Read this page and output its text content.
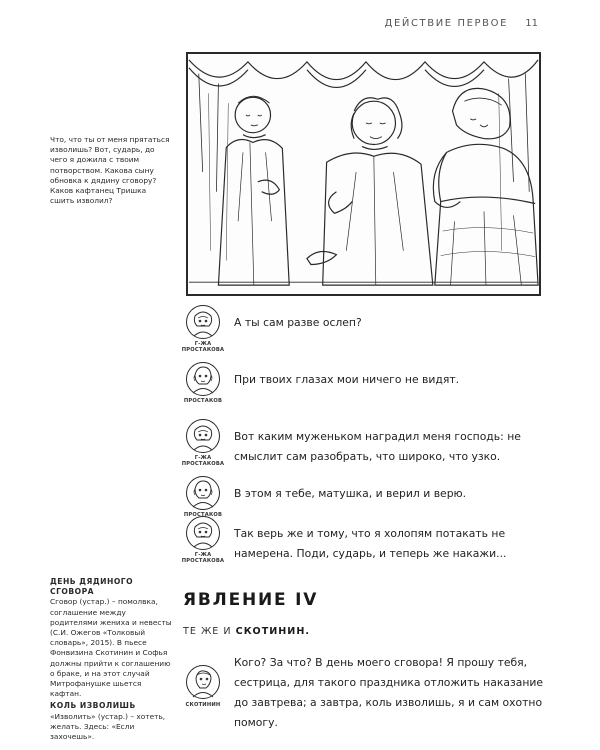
ДЕЙСТВИЕ ПЕРВОЕ 11
Что, что ты от меня прятаться изволишь? Вот, сударь, до чего я дожила с твоим потворством. Какова сыну обновка к дядину сговору? Каков кафтанец Тришка сшить изволил?
Г-ЖА
ПРОСТАКОВА
А ты сам разве ослеп?
ПРОСТАКОВ
При твоих глазах мои ничего не видят.
Г-ЖА
ПРОСТАКОВА
Вот каким муженьком наградил меня господь: не смыслит сам разобрать, что широко, что узко.
ПРОСТАКОВ
В этом я тебе, матушка, и верил и верю.
Г-ЖА
ПРОСТАКОВА
Так верь же и тому, что я холопям потакать не намерена. Поди, сударь, и теперь же накажи...
ДЕНЬ ДЯДИНОГО СГОВОРА
Сговор (устар.) – помолвка, соглашение между родителями жениха и невесты (С.И. Ожегов «Толковый словарь», 2015). В пьесе Фонвизина Скотинин и Софья должны прийти к соглашению о браке, и на этот случай Митрофанушке шьется кафтан.
КОЛЬ ИЗВОЛИШЬ
«Изволить» (устар.) – хотеть, желать. Здесь: «Если захочешь».
ЯВЛЕНИЕ IV
ТЕ ЖЕ И СКОТИНИН.
СКОТИНИН
Кого? За что? В день моего сговора! Я прошу тебя, сестрица, для такого праздника отложить наказание до завтрева; а завтра, коль изволишь, я и сам охотно помогу.
